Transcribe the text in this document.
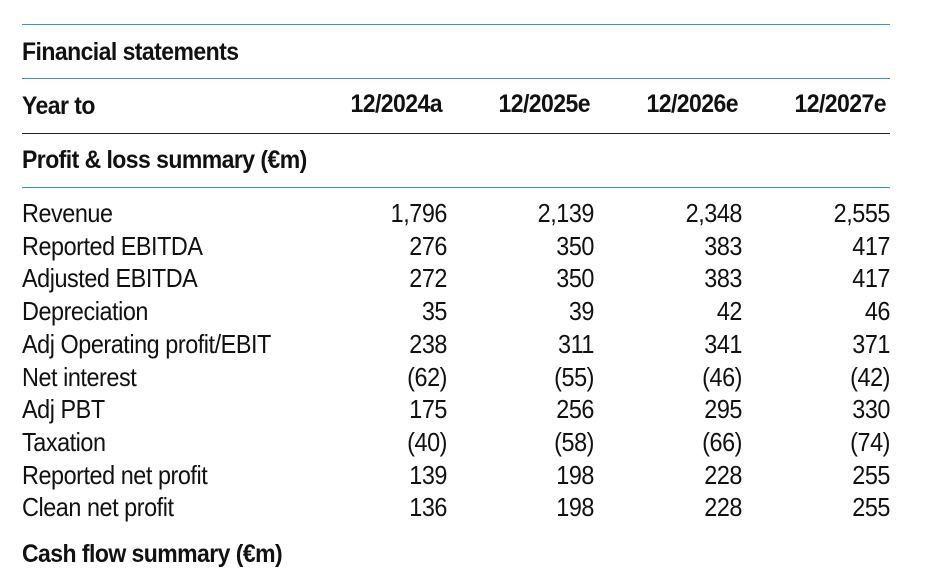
Financial statements
Year to	12/2024a	12/2025e	12/2026e	12/2027e
Profit & loss summary (€m)
Revenue	1,796	2,139	2,348	2,555
Reported EBITDA	276	350	383	417
Adjusted EBITDA	272	350	383	417
Depreciation	35	39	42	46
Adj Operating profit/EBIT	238	311	341	371
Net interest	(62)	(55)	(46)	(42)
Adj PBT	175	256	295	330
Taxation	(40)	(58)	(66)	(74)
Reported net profit	139	198	228	255
Clean net profit	136	198	228	255
Cash flow summary (€m)
